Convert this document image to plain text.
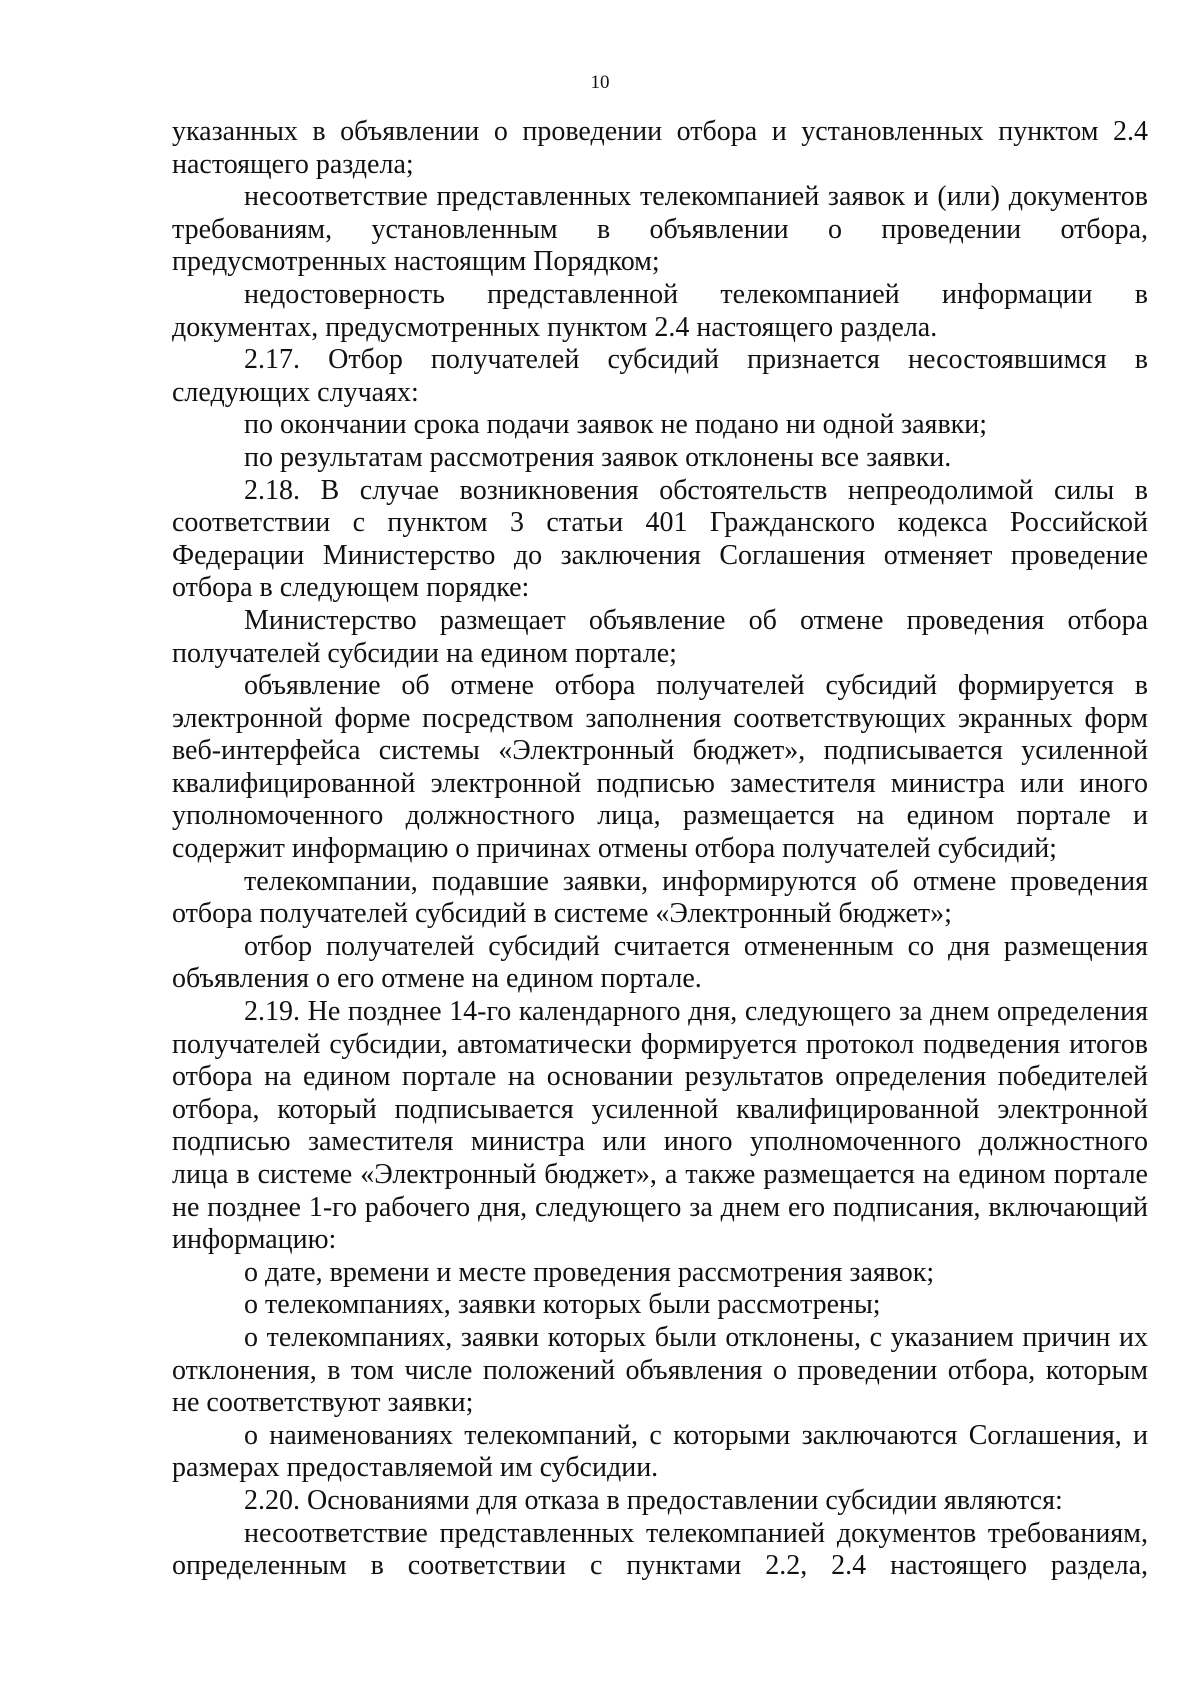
10

указанных в объявлении о проведении отбора и установленных пунктом 2.4 настоящего раздела;

несоответствие представленных телекомпанией заявок и (или) документов требованиям, установленным в объявлении о проведении отбора, предусмотренных настоящим Порядком;

недостоверность представленной телекомпанией информации в документах, предусмотренных пунктом 2.4 настоящего раздела.

2.17. Отбор получателей субсидий признается несостоявшимся в следующих случаях:

по окончании срока подачи заявок не подано ни одной заявки;

по результатам рассмотрения заявок отклонены все заявки.

2.18. В случае возникновения обстоятельств непреодолимой силы в соответствии с пунктом 3 статьи 401 Гражданского кодекса Российской Федерации Министерство до заключения Соглашения отменяет проведение отбора в следующем порядке:

Министерство размещает объявление об отмене проведения отбора получателей субсидии на едином портале;

объявление об отмене отбора получателей субсидий формируется в электронной форме посредством заполнения соответствующих экранных форм веб-интерфейса системы «Электронный бюджет», подписывается усиленной квалифицированной электронной подписью заместителя министра или иного уполномоченного должностного лица, размещается на едином портале и содержит информацию о причинах отмены отбора получателей субсидий;

телекомпании, подавшие заявки, информируются об отмене проведения отбора получателей субсидий в системе «Электронный бюджет»;

отбор получателей субсидий считается отмененным со дня размещения объявления о его отмене на едином портале.

2.19. Не позднее 14-го календарного дня, следующего за днем определения получателей субсидии, автоматически формируется протокол подведения итогов отбора на едином портале на основании результатов определения победителей отбора, который подписывается усиленной квалифицированной электронной подписью заместителя министра или иного уполномоченного должностного лица в системе «Электронный бюджет», а также размещается на едином портале не позднее 1-го рабочего дня, следующего за днем его подписания, включающий информацию:

о дате, времени и месте проведения рассмотрения заявок;

о телекомпаниях, заявки которых были рассмотрены;

о телекомпаниях, заявки которых были отклонены, с указанием причин их отклонения, в том числе положений объявления о проведении отбора, которым не соответствуют заявки;

о наименованиях телекомпаний, с которыми заключаются Соглашения, и размерах предоставляемой им субсидии.

2.20. Основаниями для отказа в предоставлении субсидии являются:

несоответствие представленных телекомпанией документов требованиям, определенным в соответствии с пунктами 2.2, 2.4 настоящего раздела,
